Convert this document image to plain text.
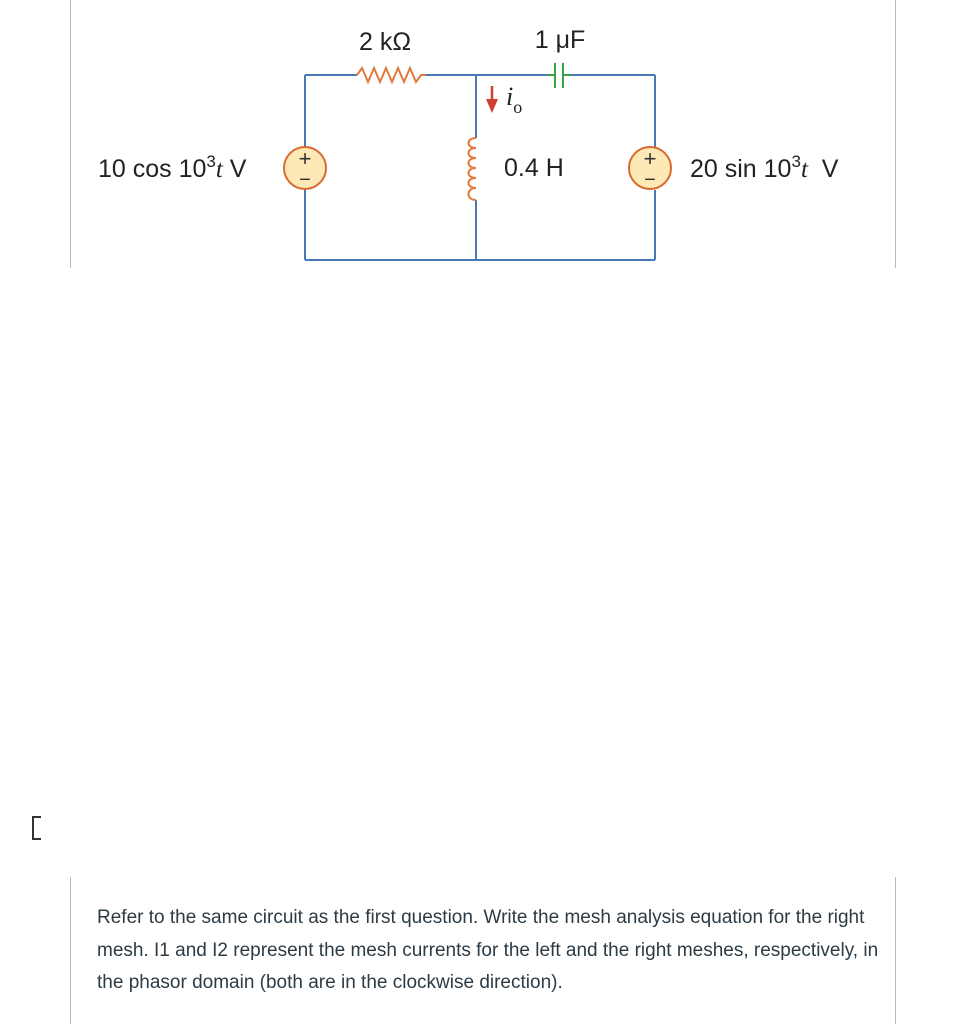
2 kΩ	1 μF
$i_o$
0.4 H
+
−
10 $\cos 10^3t$ V	+
− 20 $\sin 10^3t$  V
Refer to the same circuit as the first question. Write the mesh analysis equation for the right mesh. I1 and I2 represent the mesh currents for the left and the right meshes, respectively, in the phasor domain (both are in the clockwise direction).
